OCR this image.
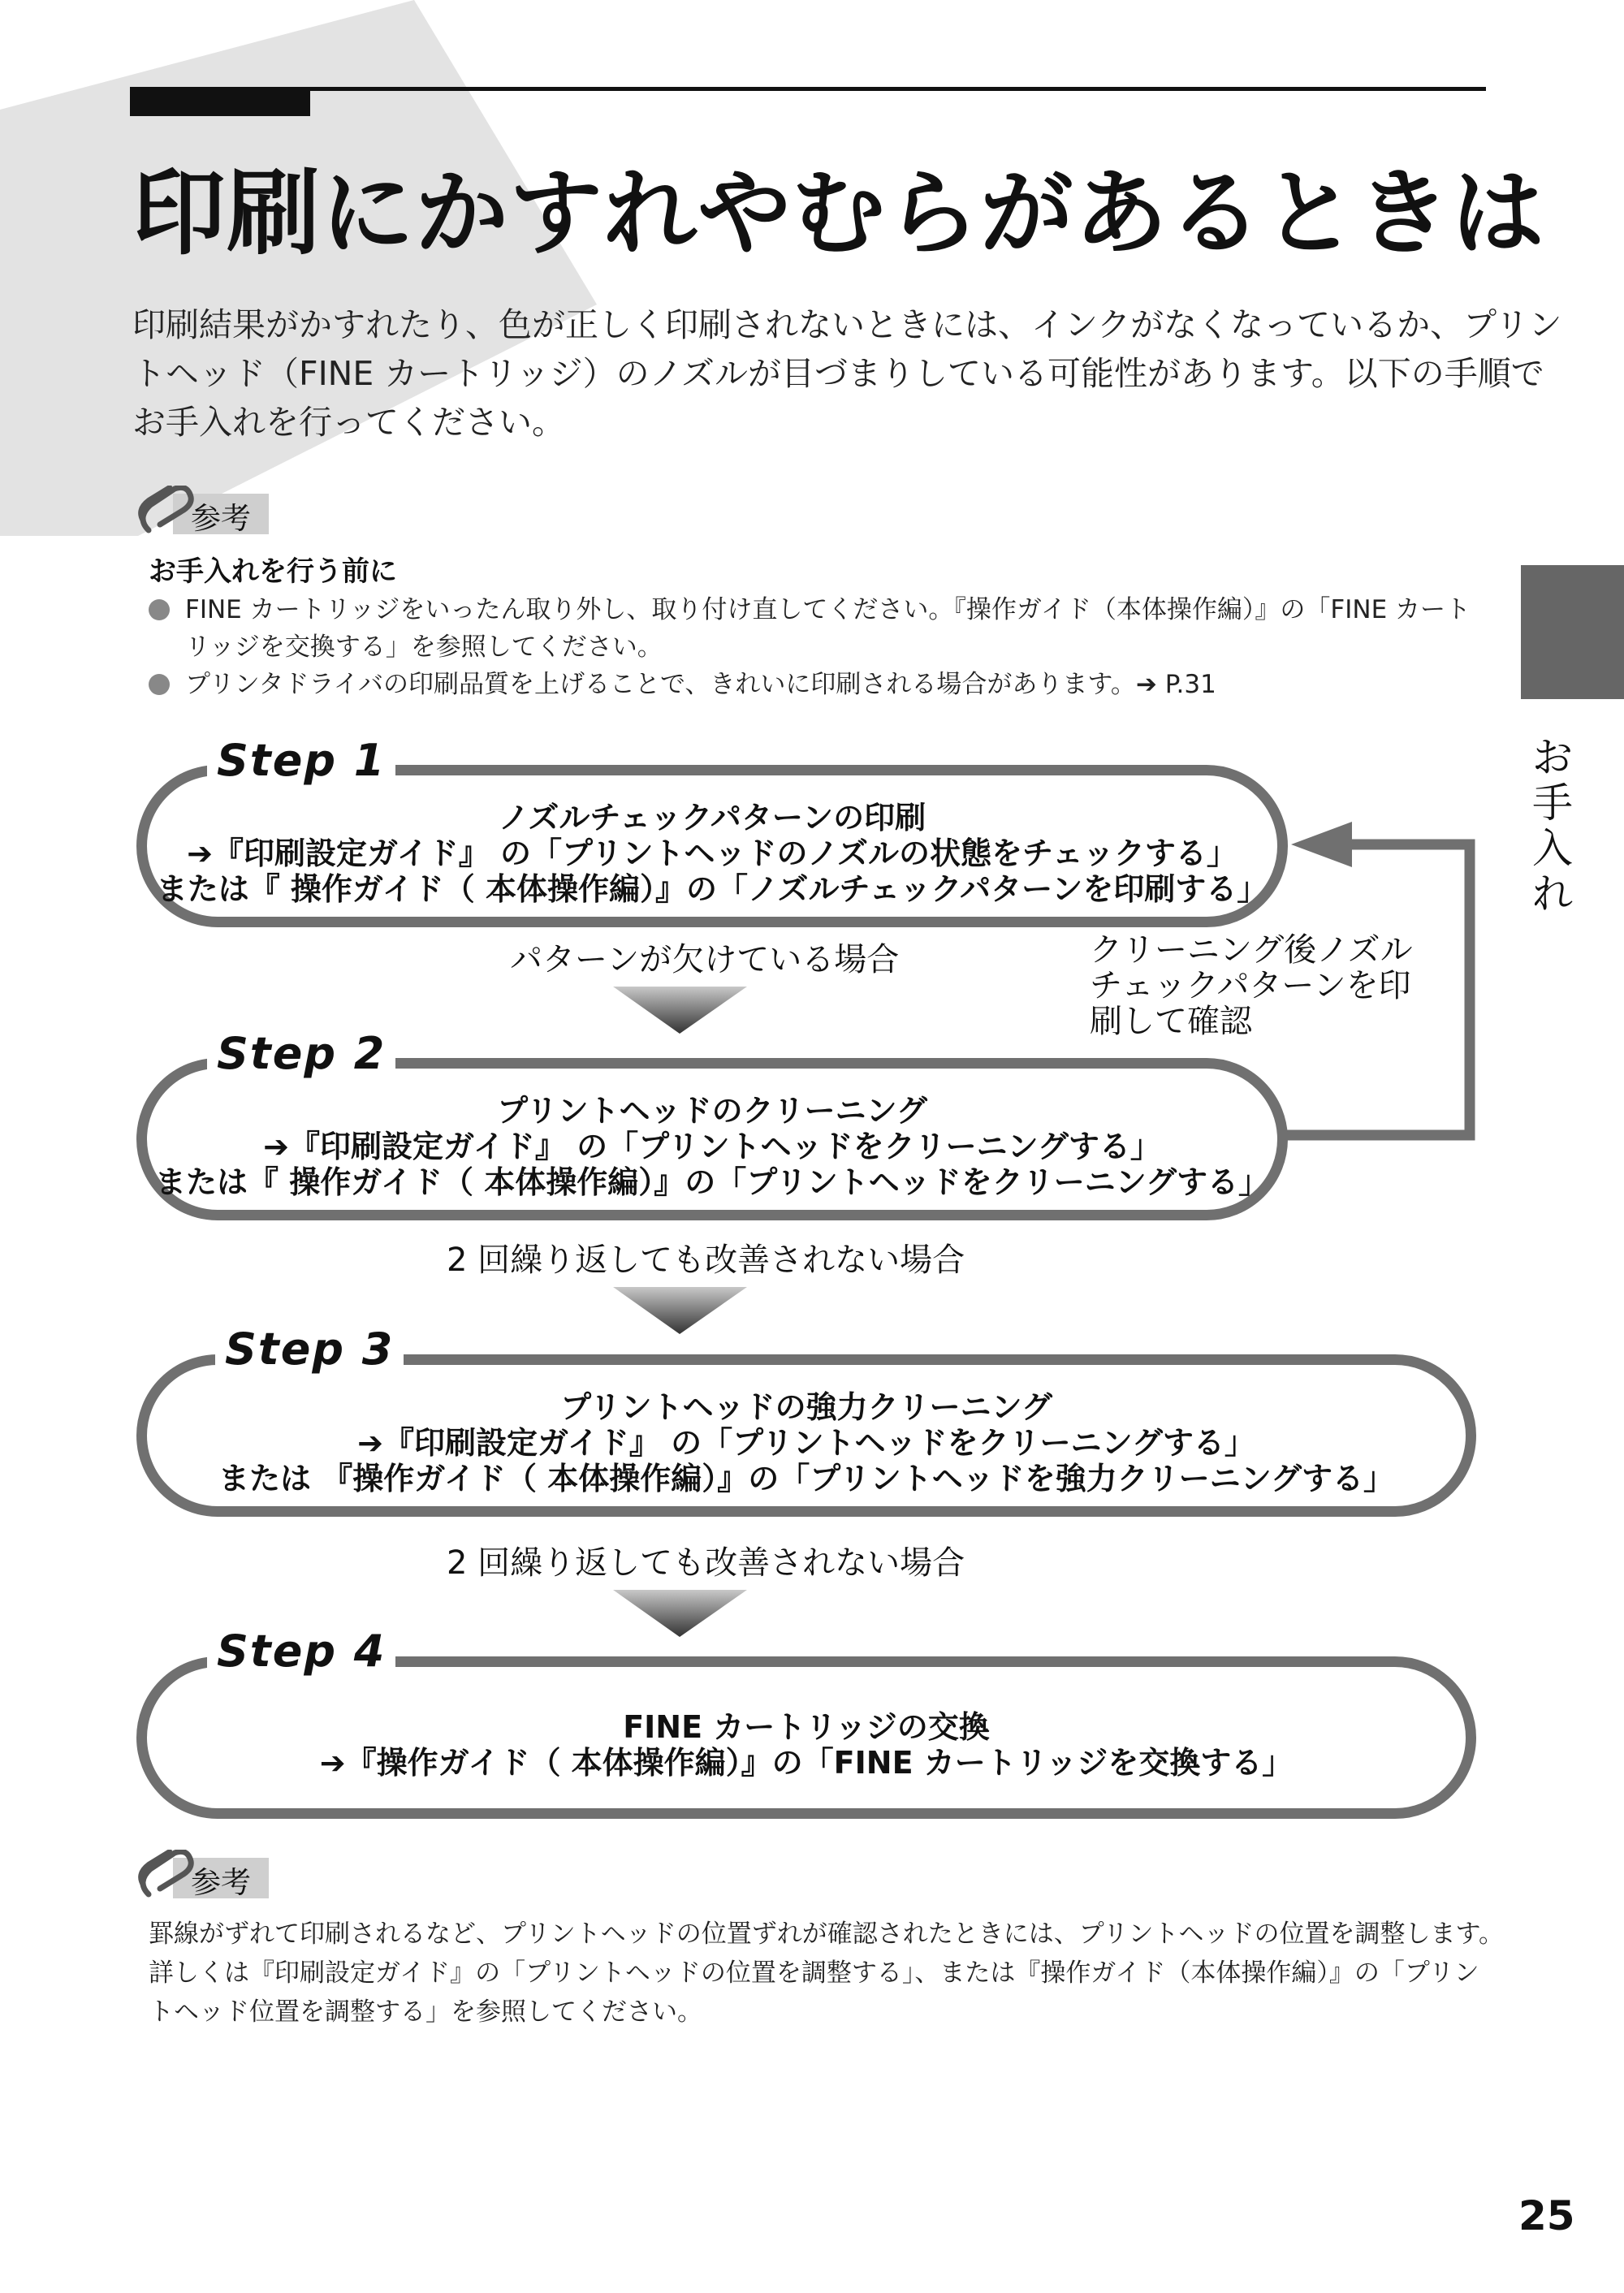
印刷にかすれやむらがあるときは
印刷結果がかすれたり、色が正しく印刷されないときには、インクがなくなっているか、プリン
トヘッド（FINE カートリッジ）のノズルが目づまりしている可能性があります。以下の手順で
お手入れを行ってください。
参考
お手入れを行う前に
FINE カートリッジをいったん取り外し、取り付け直してください。『操作ガイド（本体操作編）』の「FINE カート
リッジを交換する」を参照してください。
プリンタドライバの印刷品質を上げることで、きれいに印刷される場合があります。➔ P.31
ノズルチェックパターンの印刷
➔『印刷設定ガイド』 の「プリントヘッドのノズルの状態をチェックする」
または『 操作ガイド（ 本体操作編）』の「ノズルチェックパターンを印刷する」
Step 1
パターンが欠けている場合	クリーニング後ノズル
チェックパターンを印
刷して確認
プリントヘッドのクリーニング
➔『印刷設定ガイド』 の「プリントヘッドをクリーニングする」
または『 操作ガイド（ 本体操作編）』の「プリントヘッドをクリーニングする」
Step 2
2 回繰り返しても改善されない場合
プリントヘッドの強力クリーニング
➔『印刷設定ガイド』 の「プリントヘッドをクリーニングする」
または 『操作ガイド（ 本体操作編）』の「プリントヘッドを強力クリーニングする」
Step 3
2 回繰り返しても改善されない場合
FINE カートリッジの交換
➔『操作ガイド（ 本体操作編）』の「FINE カートリッジを交換する」
Step 4
お
手
入
れ
参考
罫線がずれて印刷されるなど、プリントヘッドの位置ずれが確認されたときには、プリントヘッドの位置を調整します。
詳しくは『印刷設定ガイド』の「プリントヘッドの位置を調整する」、または『操作ガイド（本体操作編）』の「プリン
トヘッド位置を調整する」を参照してください。
25
